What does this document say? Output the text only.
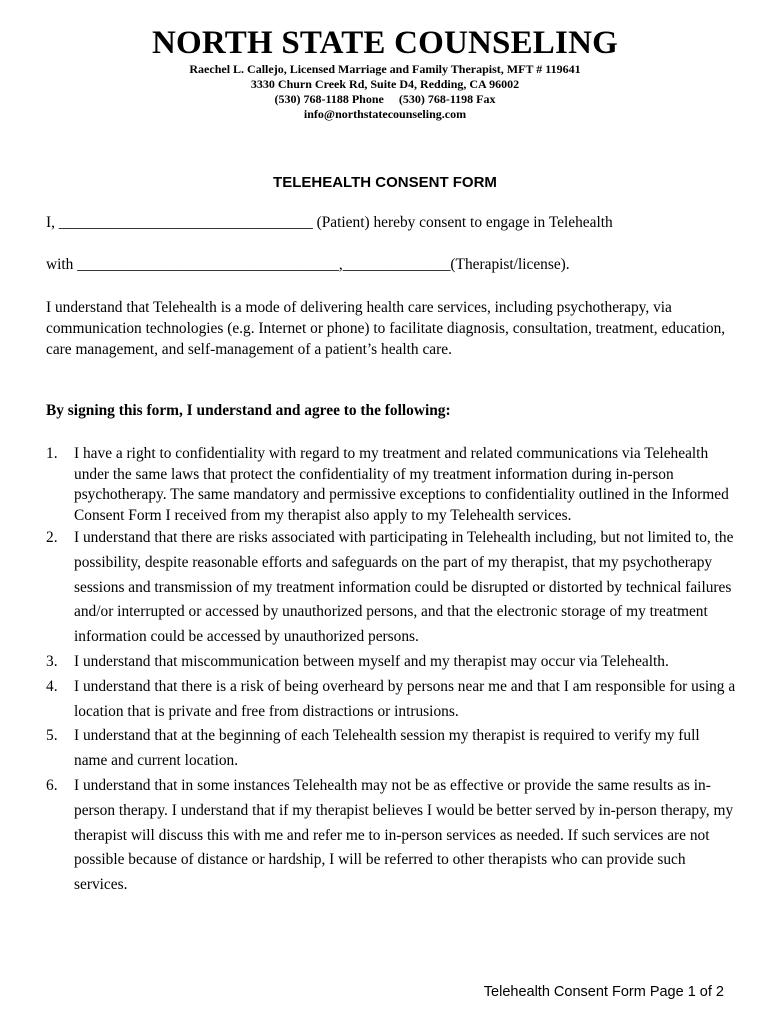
NORTH STATE COUNSELING
Raechel L. Callejo, Licensed Marriage and Family Therapist, MFT # 119641
3330 Churn Creek Rd, Suite D4, Redding, CA 96002
(530) 768-1188 Phone     (530) 768-1198 Fax
info@northstatecounseling.com
TELEHEALTH CONSENT FORM
I, _________________________________ (Patient) hereby consent to engage in Telehealth
with __________________________________,______________(Therapist/license).
I understand that Telehealth is a mode of delivering health care services, including psychotherapy, via communication technologies (e.g. Internet or phone) to facilitate diagnosis, consultation, treatment, education, care management, and self-management of a patient’s health care.
By signing this form, I understand and agree to the following:
1. I have a right to confidentiality with regard to my treatment and related communications via Telehealth under the same laws that protect the confidentiality of my treatment information during in-person psychotherapy. The same mandatory and permissive exceptions to confidentiality outlined in the Informed Consent Form I received from my therapist also apply to my Telehealth services.
2. I understand that there are risks associated with participating in Telehealth including, but not limited to, the possibility, despite reasonable efforts and safeguards on the part of my therapist, that my psychotherapy sessions and transmission of my treatment information could be disrupted or distorted by technical failures and/or interrupted or accessed by unauthorized persons, and that the electronic storage of my treatment information could be accessed by unauthorized persons.
3. I understand that miscommunication between myself and my therapist may occur via Telehealth.
4. I understand that there is a risk of being overheard by persons near me and that I am responsible for using a location that is private and free from distractions or intrusions.
5. I understand that at the beginning of each Telehealth session my therapist is required to verify my full name and current location.
6. I understand that in some instances Telehealth may not be as effective or provide the same results as in-person therapy. I understand that if my therapist believes I would be better served by in-person therapy, my therapist will discuss this with me and refer me to in-person services as needed. If such services are not possible because of distance or hardship, I will be referred to other therapists who can provide such services.
Telehealth Consent Form Page 1 of 2
